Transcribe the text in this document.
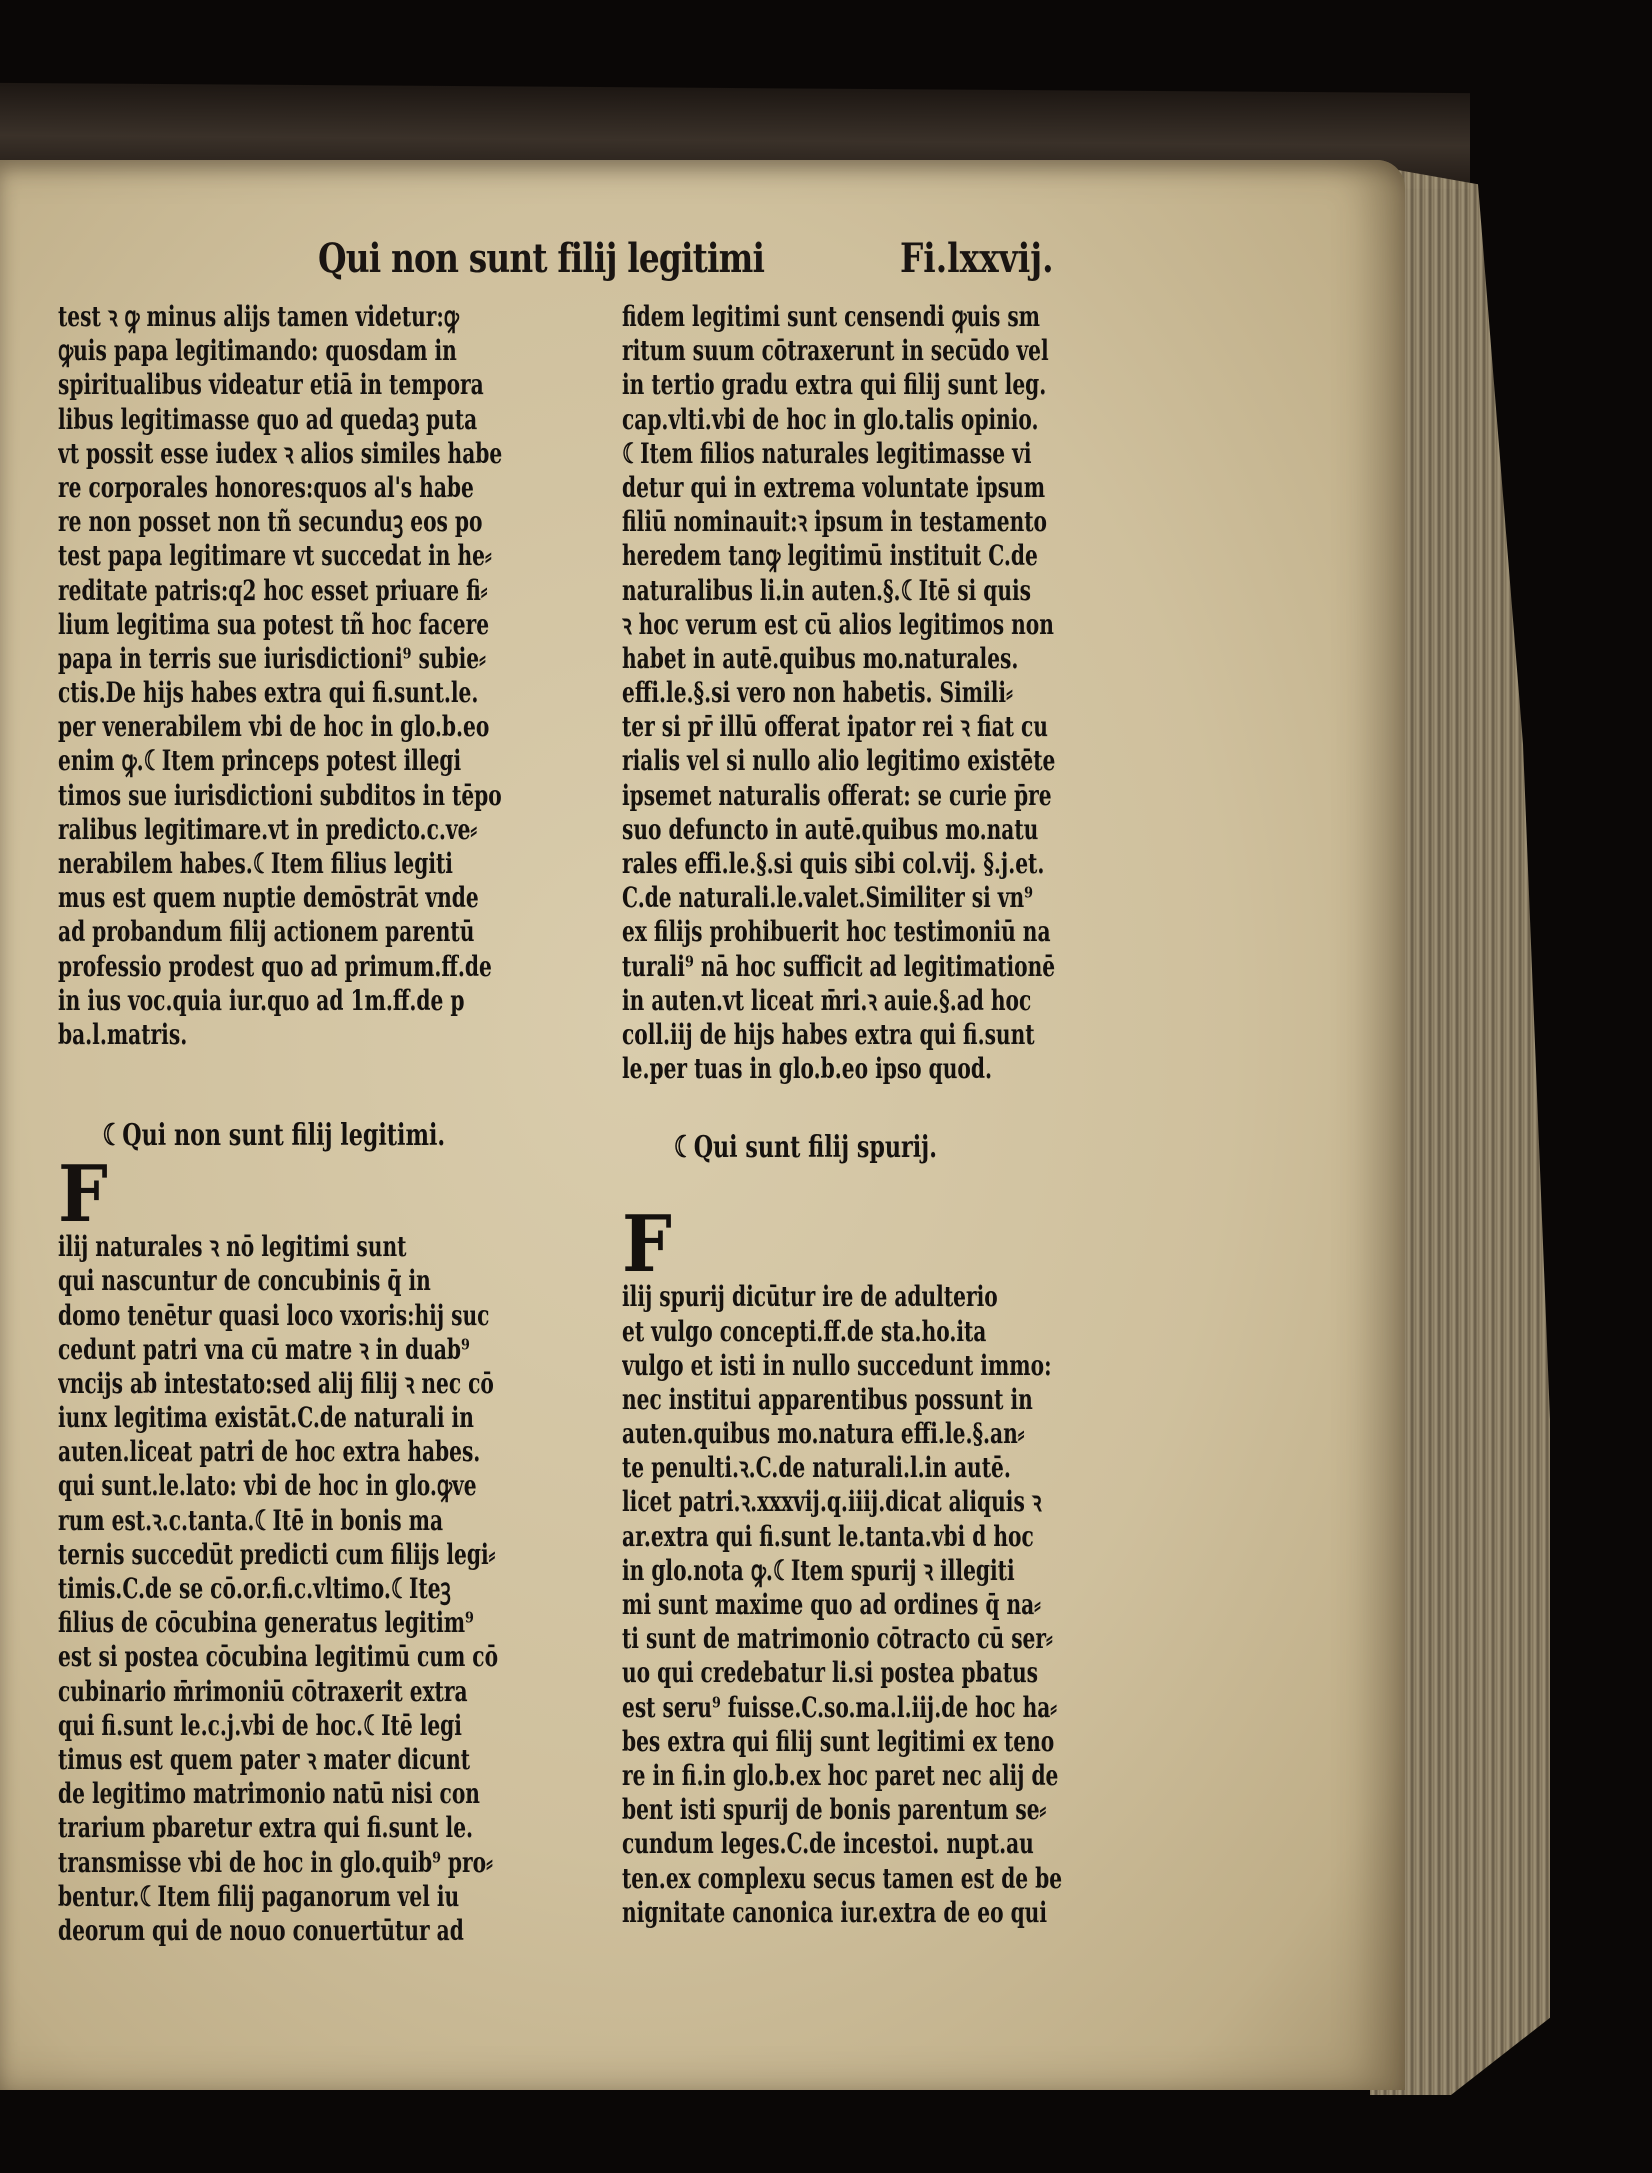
Qui non sunt filij legitimi	Fi.lxxvij.
test ꝛ ꝙ minus alijs tamen videtur:ꝙ
ꝙuis papa legitimando: quosdam in
spiritualibus videatur etiā in tempora
libus legitimasse quo ad quedaꝫ puta
vt possit esse iudex ꝛ alios similes habe
re corporales honores:quos al's habe
re non posset non tñ secunduꝫ eos po
test papa legitimare vt succedat in he⸗
reditate patris:q2 hoc esset priuare fi⸗
lium legitima sua potest tñ hoc facere
papa in terris sue iurisdictioni⁹ subie⸗
ctis.De hijs habes extra qui fi.sunt.le.
per venerabilem vbi de hoc in glo.b.eo
enim ꝙ.☾Item princeps potest illegi
timos sue iurisdictioni subditos in tēpo
ralibus legitimare.vt in predicto.c.ve⸗
nerabilem habes.☾Item filius legiti
mus est quem nuptie demōstrāt vnde
ad probandum filij actionem parentū
professio prodest quo ad primum.ff.de
in ius voc.quia iur.quo ad 1m.ff.de p
ba.l.matris.
☾Qui non sunt filij legitimi.
F
ilij naturales ꝛ nō legitimi sunt
qui nascuntur de concubinis q̄ in
domo tenētur quasi loco vxoris:hij suc
cedunt patri vna cū matre ꝛ in duab⁹
vncijs ab intestato:sed alij filij ꝛ nec cō
iunx legitima existāt.C.de naturali in
auten.liceat patri de hoc extra habes.
qui sunt.le.lato: vbi de hoc in glo.ꝙve
rum est.ꝛ.c.tanta.☾Itē in bonis ma
ternis succedūt predicti cum filijs legi⸗
timis.C.de se cō.or.fi.c.vltimo.☾Iteꝫ
filius de cōcubina generatus legitim⁹
est si postea cōcubina legitimū cum cō
cubinario m̄rimoniū cōtraxerit extra
qui fi.sunt le.c.j.vbi de hoc.☾Itē legi
timus est quem pater ꝛ mater dicunt
de legitimo matrimonio natū nisi con
trarium pbaretur extra qui fi.sunt le.
transmisse vbi de hoc in glo.quib⁹ pro⸗
bentur.☾Item filij paganorum vel iu
deorum qui de nouo conuertūtur ad
fidem legitimi sunt censendi ꝙuis sm
ritum suum cōtraxerunt in secūdo vel
in tertio gradu extra qui filij sunt leg.
cap.vlti.vbi de hoc in glo.talis opinio.
☾Item filios naturales legitimasse vi
detur qui in extrema voluntate ipsum
filiū nominauit:ꝛ ipsum in testamento
heredem tanꝙ legitimū instituit C.de
naturalibus li.in auten.§.☾Itē si quis
ꝛ hoc verum est cū alios legitimos non
habet in autē.quibus mo.naturales.
effi.le.§.si vero non habetis. Simili⸗
ter si pr̄ illū offerat ipator rei ꝛ fiat cu
rialis vel si nullo alio legitimo existēte
ipsemet naturalis offerat: se curie p̄re
suo defuncto in autē.quibus mo.natu
rales effi.le.§.si quis sibi col.vij. §.j.et.
C.de naturali.le.valet.Similiter si vn⁹
ex filijs prohibuerit hoc testimoniū na
turali⁹ nā hoc sufficit ad legitimationē
in auten.vt liceat m̄ri.ꝛ auie.§.ad hoc
coll.iij de hijs habes extra qui fi.sunt
le.per tuas in glo.b.eo ipso quod.
☾Qui sunt filij spurij.
F
ilij spurij dicūtur ire de adulterio
et vulgo concepti.ff.de sta.ho.ita
vulgo et isti in nullo succedunt immo:
nec institui apparentibus possunt in
auten.quibus mo.natura effi.le.§.an⸗
te penulti.ꝛ.C.de naturali.l.in autē.
licet patri.ꝛ.xxxvij.q.iiij.dicat aliquis ꝛ
ar.extra qui fi.sunt le.tanta.vbi d hoc
in glo.nota ꝙ.☾Item spurij ꝛ illegiti
mi sunt maxime quo ad ordines q̄ na⸗
ti sunt de matrimonio cōtracto cū ser⸗
uo qui credebatur li.si postea pbatus
est seru⁹ fuisse.C.so.ma.l.iij.de hoc ha⸗
bes extra qui filij sunt legitimi ex teno
re in fi.in glo.b.ex hoc paret nec alij de
bent isti spurij de bonis parentum se⸗
cundum leges.C.de incestoi. nupt.au
ten.ex complexu secus tamen est de be
nignitate canonica iur.extra de eo qui
